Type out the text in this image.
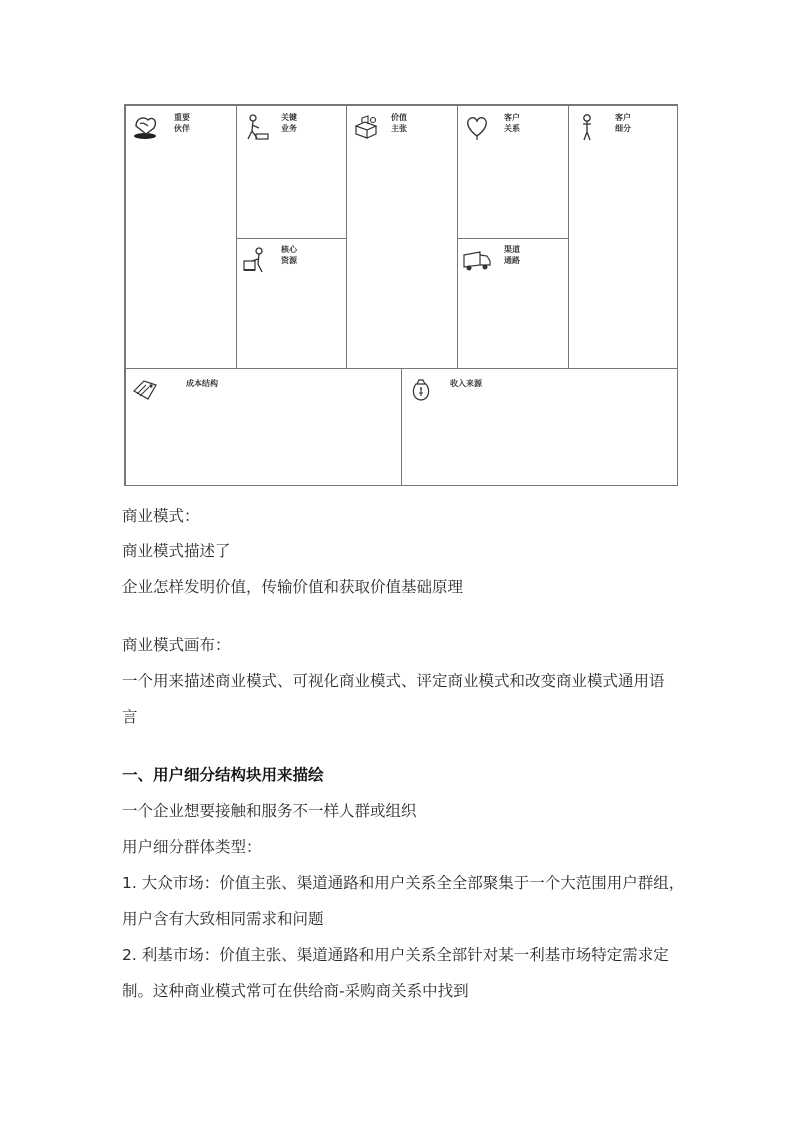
重要
伙伴
关键
业务
核心
资源
价值
主张
客户
关系
渠道
通路
客户
细分
成本结构	收入来源
商业模式：
商业模式描述了
企业怎样发明价值，传输价值和获取价值基础原理
商业模式画布：
一个用来描述商业模式、可视化商业模式、评定商业模式和改变商业模式通用语
言
一、用户细分结构块用来描绘
一个企业想要接触和服务不一样人群或组织
用户细分群体类型：
1. 大众市场：价值主张、渠道通路和用户关系全全部聚集于一个大范围用户群组，
用户含有大致相同需求和问题
2. 利基市场：价值主张、渠道通路和用户关系全部针对某一利基市场特定需求定
制。这种商业模式常可在供给商-采购商关系中找到
